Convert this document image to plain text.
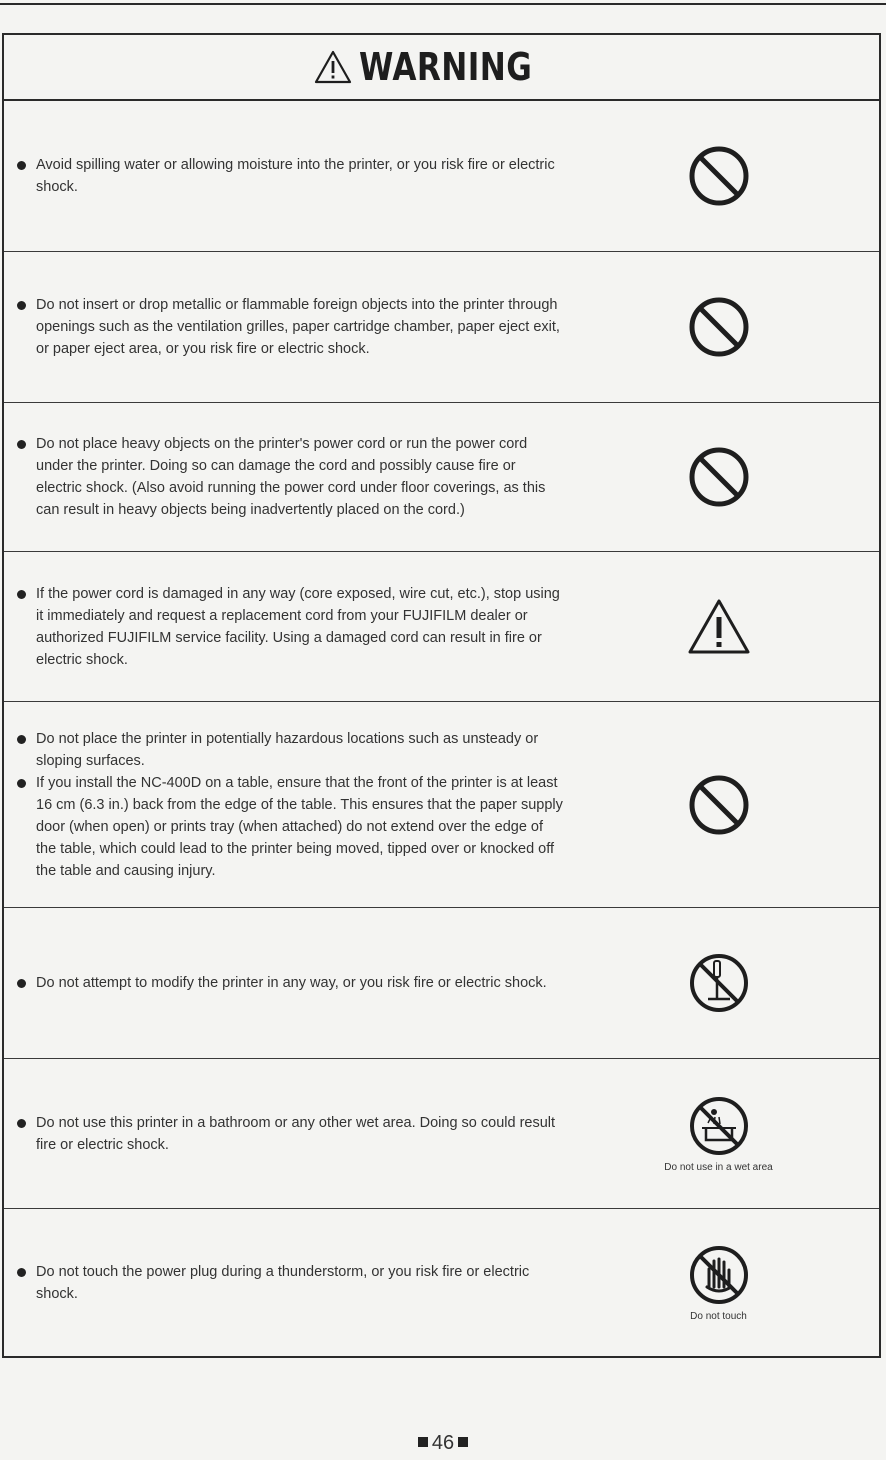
WARNING

Avoid spilling water or allowing moisture into the printer, or you risk fire or electric shock.

Do not insert or drop metallic or flammable foreign objects into the printer through openings such as the ventilation grilles, paper cartridge chamber, paper eject exit, or paper eject area, or you risk fire or electric shock.

Do not place heavy objects on the printer's power cord or run the power cord under the printer. Doing so can damage the cord and possibly cause fire or electric shock. (Also avoid running the power cord under floor coverings, as this can result in heavy objects being inadvertently placed on the cord.)

If the power cord is damaged in any way (core exposed, wire cut, etc.), stop using it immediately and request a replacement cord from your FUJIFILM dealer or authorized FUJIFILM service facility. Using a damaged cord can result in fire or electric shock.

Do not place the printer in potentially hazardous locations such as unsteady or sloping surfaces.

If you install the NC-400D on a table, ensure that the front of the printer is at least 16 cm (6.3 in.) back from the edge of the table. This ensures that the paper supply door (when open) or prints tray (when attached) do not extend over the edge of the table, which could lead to the printer being moved, tipped over or knocked off the table and causing injury.

Do not attempt to modify the printer in any way, or you risk fire or electric shock.

Do not use this printer in a bathroom or any other wet area. Doing so could result fire or electric shock.

Do not use in a wet area

Do not touch the power plug during a thunderstorm, or you risk fire or electric shock.

Do not touch
46
